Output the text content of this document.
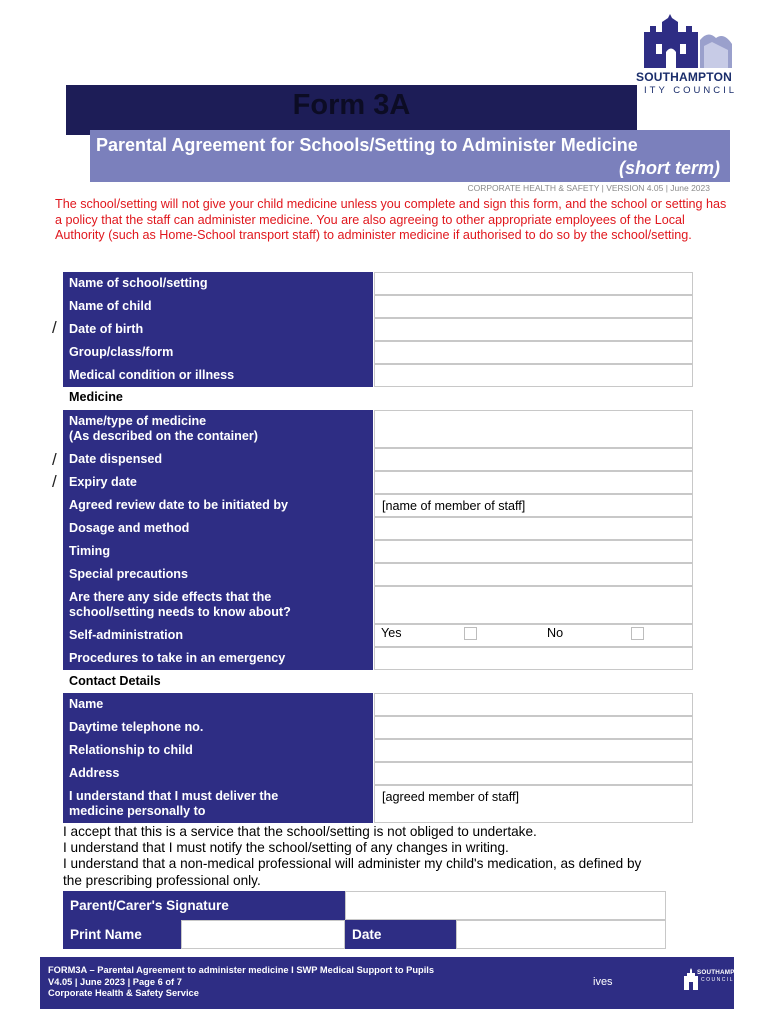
SOUTHAMPTON
ITY COUNCIL
Form 3A
Parental Agreement for Schools/Setting to Administer Medicine
(short term)
CORPORATE HEALTH & SAFETY | VERSION 4.05 | June 2023
The school/setting will not give your child medicine unless you complete and sign this form, and the school or setting has a policy that the staff can administer medicine. You are also agreeing to other appropriate employees of the Local Authority (such as Home-School transport staff) to administer medicine if authorised to do so by the school/setting.
Name of school/setting
Name of child
/ Date of birth
Group/class/form
Medical condition or illness
Medicine
Name/type of medicine
(As described on the container)
/ Date dispensed
/ Expiry date
Agreed review date to be initiated by	[name of member of staff]
Dosage and method
Timing
Special precautions
Are there any side effects that the
school/setting needs to know about?
Self-administration	Yes	No
Procedures to take in an emergency
Contact Details
Name
Daytime telephone no.
Relationship to child
Address
I understand that I must deliver the
medicine personally to
[agreed member of staff]
I accept that this is a service that the school/setting is not obliged to undertake.
I understand that I must notify the school/setting of any changes in writing.
I understand that a non-medical professional will administer my child's medication, as defined by
the prescribing professional only.
Parent/Carer's Signature
Print Name	Date
FORM3A – Parental Agreement to administer medicine I SWP Medical Support to Pupils
V4.05 | June 2023 | Page 6 of 7
Corporate Health & Safety Service
ives
SOUTHAMPTON
COUNCIL
